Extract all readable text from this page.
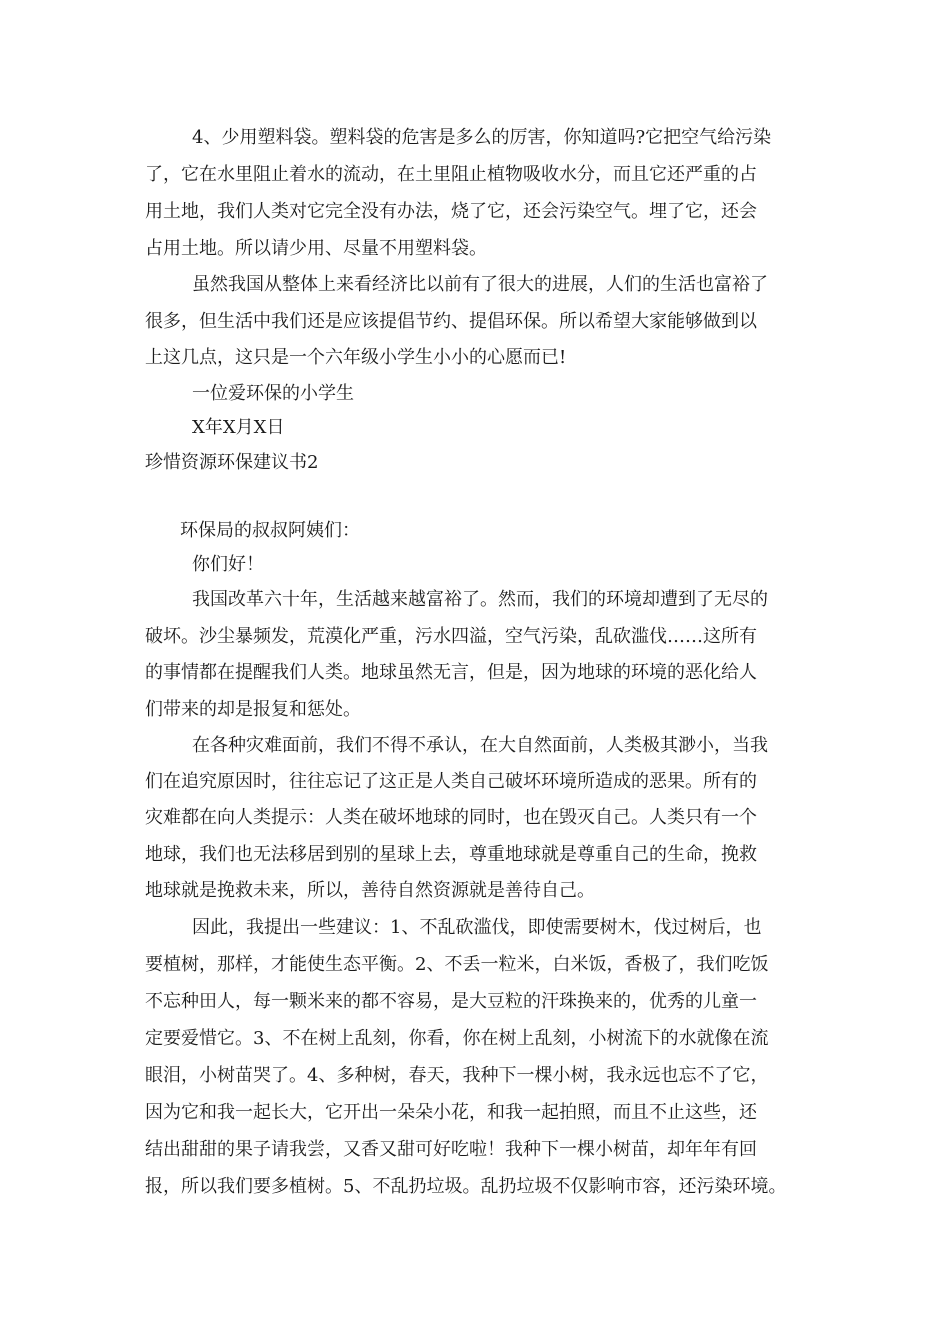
4、少用塑料袋。塑料袋的危害是多么的厉害，你知道吗?它把空气给污染

了，它在水里阻止着水的流动，在土里阻止植物吸收水分，而且它还严重的占

用土地，我们人类对它完全没有办法，烧了它，还会污染空气。埋了它，还会

占用土地。所以请少用、尽量不用塑料袋。

虽然我国从整体上来看经济比以前有了很大的进展，人们的生活也富裕了

很多，但生活中我们还是应该提倡节约、提倡环保。所以希望大家能够做到以

上这几点，这只是一个六年级小学生小小的心愿而已!

一位爱环保的小学生

X年X月X日

珍惜资源环保建议书2

环保局的叔叔阿姨们：

你们好！

我国改革六十年，生活越来越富裕了。然而，我们的环境却遭到了无尽的

破坏。沙尘暴频发，荒漠化严重，污水四溢，空气污染，乱砍滥伐……这所有

的事情都在提醒我们人类。地球虽然无言，但是，因为地球的环境的恶化给人

们带来的却是报复和惩处。

在各种灾难面前，我们不得不承认，在大自然面前，人类极其渺小，当我

们在追究原因时，往往忘记了这正是人类自己破坏环境所造成的恶果。所有的

灾难都在向人类提示：人类在破坏地球的同时，也在毁灭自己。人类只有一个

地球，我们也无法移居到别的星球上去，尊重地球就是尊重自己的生命，挽救

地球就是挽救未来，所以，善待自然资源就是善待自己。

因此，我提出一些建议：1、不乱砍滥伐，即使需要树木，伐过树后，也

要植树，那样，才能使生态平衡。2、不丢一粒米，白米饭，香极了，我们吃饭

不忘种田人，每一颗米来的都不容易，是大豆粒的汗珠换来的，优秀的儿童一

定要爱惜它。3、不在树上乱刻，你看，你在树上乱刻，小树流下的水就像在流

眼泪，小树苗哭了。4、多种树，春天，我种下一棵小树，我永远也忘不了它，

因为它和我一起长大，它开出一朵朵小花，和我一起拍照，而且不止这些，还

结出甜甜的果子请我尝，又香又甜可好吃啦！我种下一棵小树苗，却年年有回

报，所以我们要多植树。5、不乱扔垃圾。乱扔垃圾不仅影响市容，还污染环境。
